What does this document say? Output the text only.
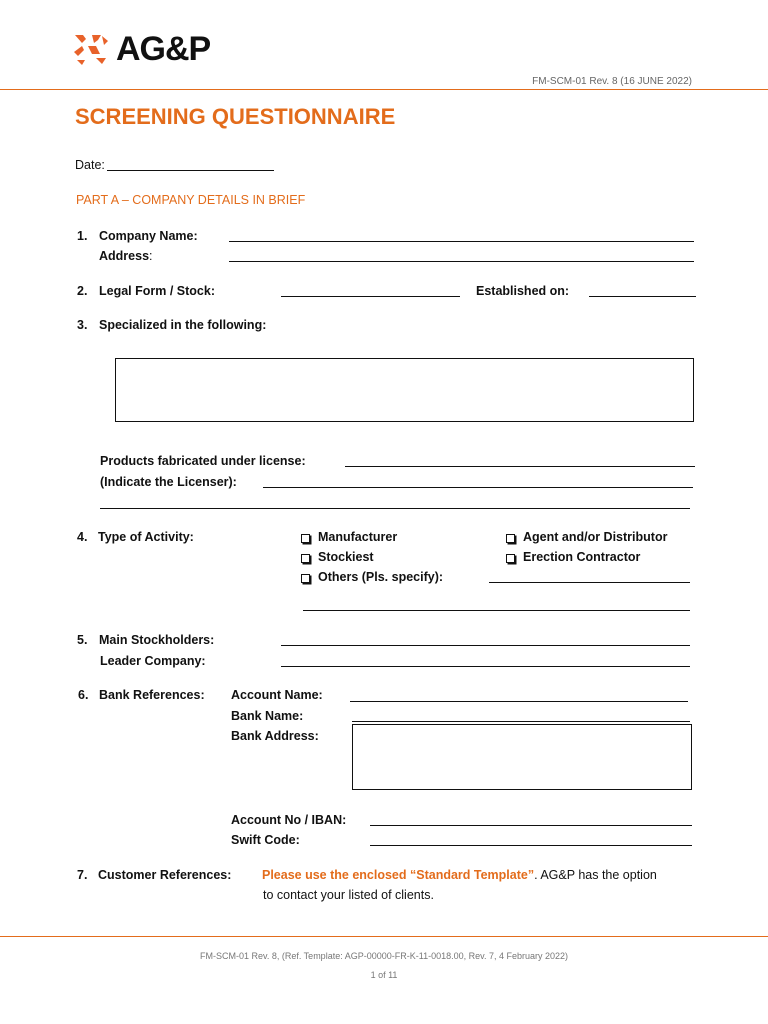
AG&P
FM-SCM-01 Rev. 8 (16 JUNE 2022)
SCREENING QUESTIONNAIRE
Date:
PART A – COMPANY DETAILS IN BRIEF
1. Company Name:
Address:
2. Legal Form / Stock:	Established on:
3. Specialized in the following:
Products fabricated under license:
(Indicate the Licenser):
4. Type of Activity:	Manufacturer	Agent and/or Distributor
Stockiest	Erection Contractor
Others (Pls. specify):
5. Main Stockholders:
Leader Company:
6. Bank References: Account Name:
Bank Name:
Bank Address:
Account No / IBAN:
Swift Code:
7. Customer References: Please use the enclosed “Standard Template”. AG&P has the option
to contact your listed of clients.
FM-SCM-01 Rev. 8, (Ref. Template: AGP-00000-FR-K-11-0018.00, Rev. 7, 4 February 2022)
1 of 11
